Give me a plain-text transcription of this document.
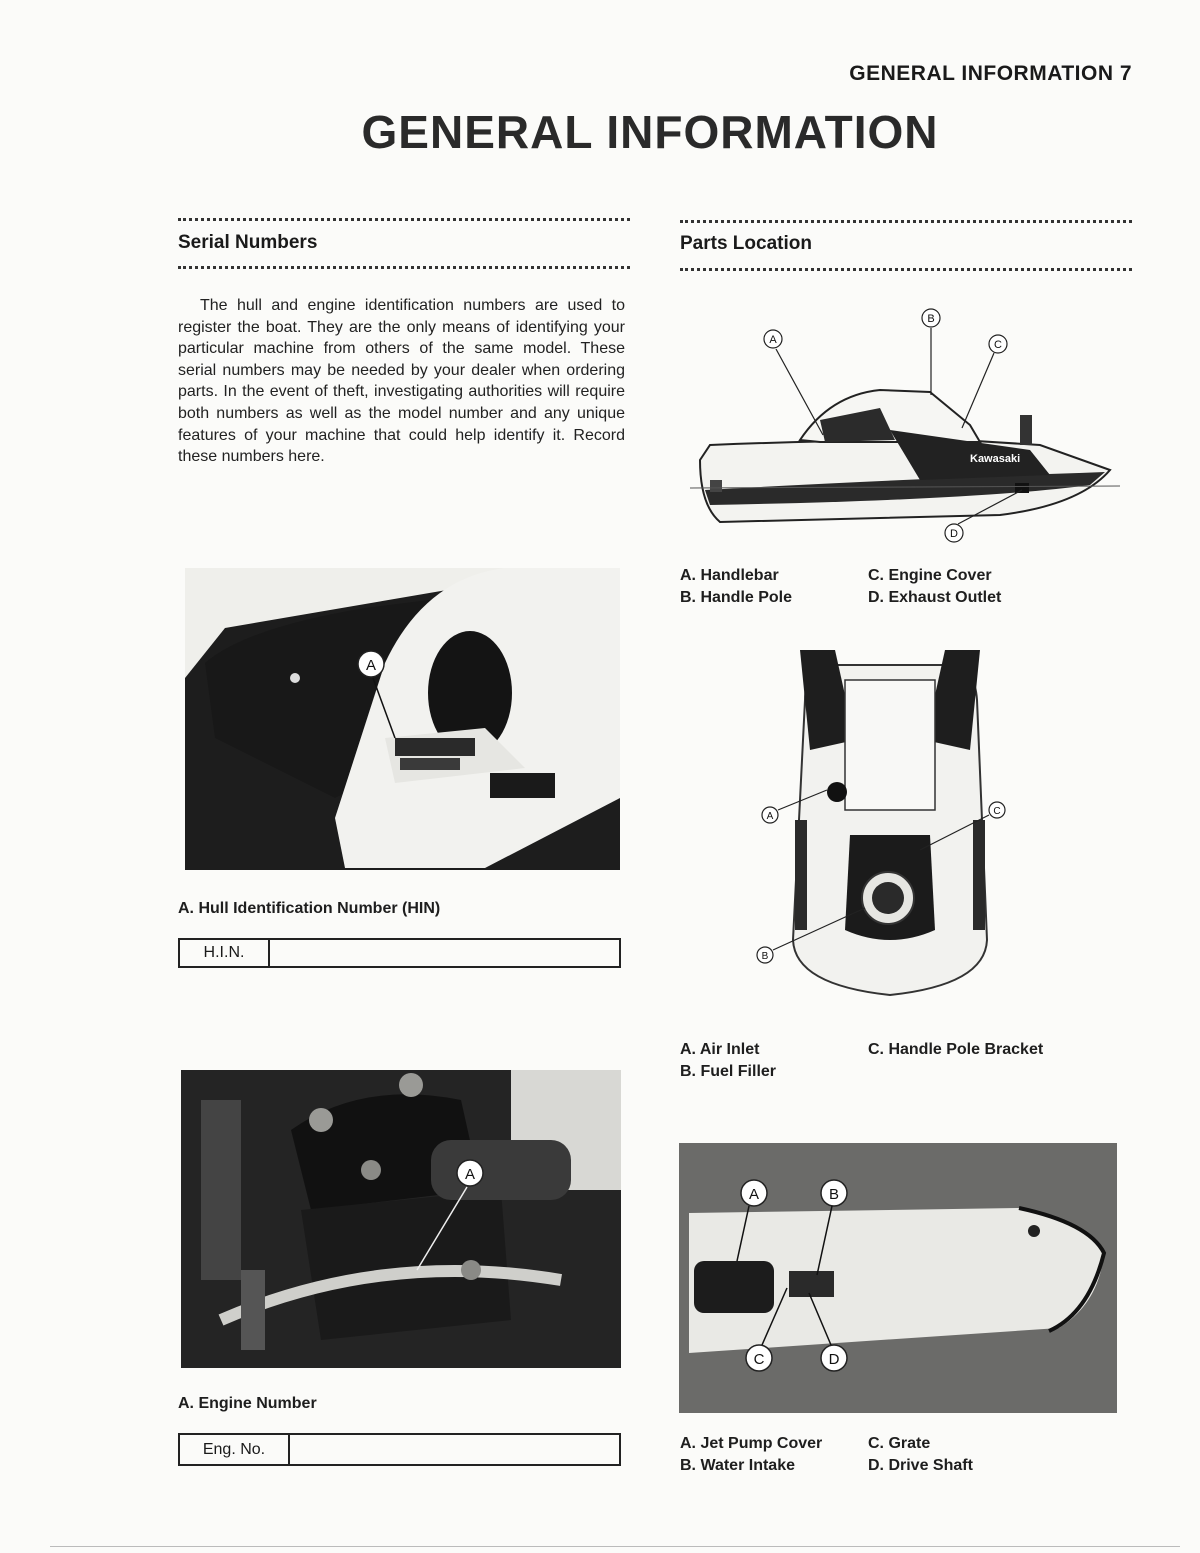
GENERAL INFORMATION 7
GENERAL INFORMATION
Serial Numbers	Parts Location
The hull and engine identification numbers are used to register the boat. They are the only means of identifying your particular machine from others of the same model. These serial numbers may be needed by your dealer when ordering parts. In the event of theft, investigating authorities will require both numbers as well as the model number and any unique features of your machine that could help identify it. Record these numbers here.
A
A. Hull Identification Number (HIN)
H.I.N.
A
A. Engine Number
Eng. No.
Kawasaki
A
B
C
D
A. Handlebar	C. Engine Cover
B. Handle Pole	D. Exhaust Outlet
A	C
B
A. Air Inlet	C. Handle Pole Bracket
B. Fuel Filler
A	B
C	D
A. Jet Pump Cover	C. Grate
B. Water Intake	D. Drive Shaft
